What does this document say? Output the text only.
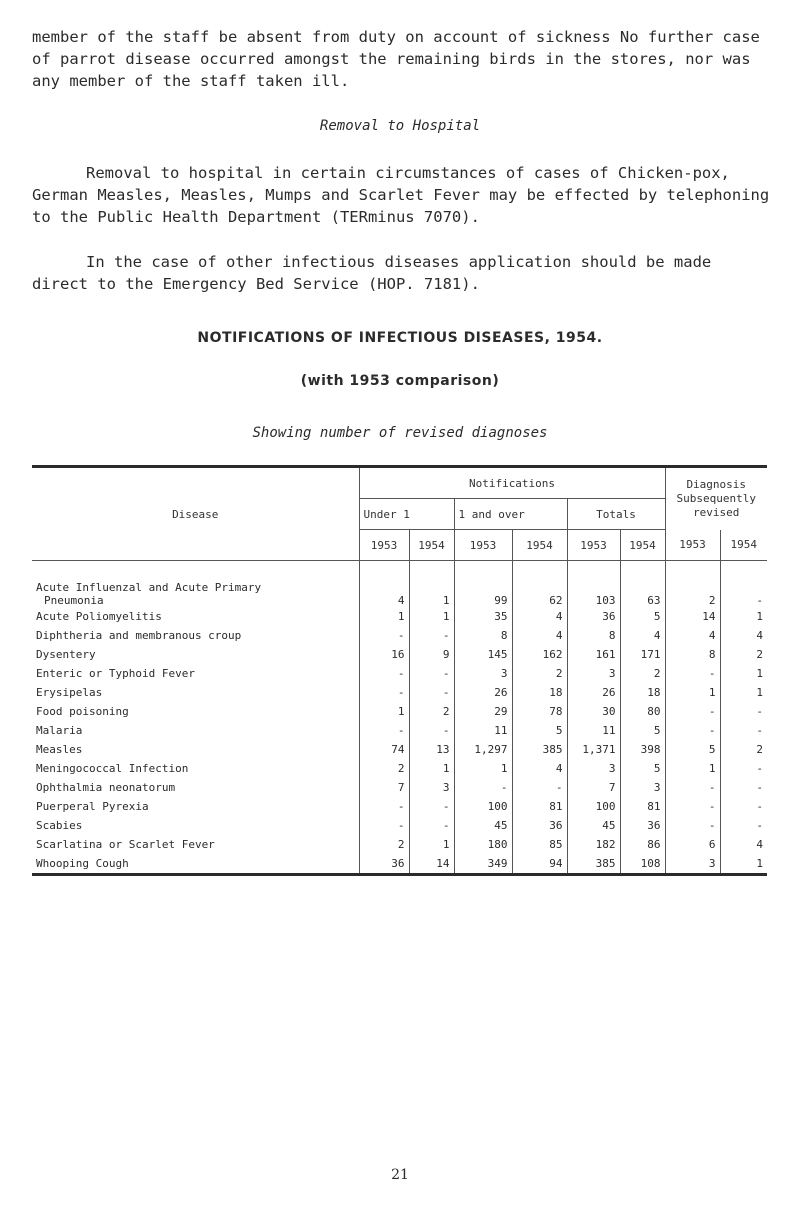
member of the staff be absent from duty on account of sickness No further case of parrot disease occurred amongst the remaining birds in the stores, nor was any member of the staff taken ill.

Removal to Hospital

Removal to hospital in certain circumstances of cases of Chicken-pox, German Measles, Measles, Mumps and Scarlet Fever may be effected by telephoning to the Public Health Department (TERminus 7070).

In the case of other infectious diseases application should be made direct to the Emergency Bed Service (HOP. 7181).

NOTIFICATIONS OF INFECTIOUS DISEASES, 1954.

(with 1953 comparison)

Showing number of revised diagnoses

Disease	Notifications						Diagnosis Subsequently revised	
	Under 1		1 and over		Totals			
	1953	1954	1953	1954	1953	1954	1953	1954

Acute Influenzal and Acute Primary
Pneumonia	4	1	99	62	103	63	2	-

Acute Poliomyelitis	1	1	35	4	36	5	14	1

Diphtheria and membranous croup	-	-	8	4	8	4	4	4

Dysentery	16	9	145	162	161	171	8	2

Enteric or Typhoid Fever	-	-	3	2	3	2	-	1

Erysipelas	-	-	26	18	26	18	1	1

Food poisoning	1	2	29	78	30	80	-	-

Malaria	-	-	11	5	11	5	-	-

Measles	74	13	1,297	385	1,371	398	5	2

Meningococcal Infection	2	1	1	4	3	5	1	-

Ophthalmia neonatorum	7	3	-	-	7	3	-	-

Puerperal Pyrexia	-	-	100	81	100	81	-	-

Scabies	-	-	45	36	45	36	-	-

Scarlatina or Scarlet Fever	2	1	180	85	182	86	6	4

Whooping Cough	36	14	349	94	385	108	3	1
21
